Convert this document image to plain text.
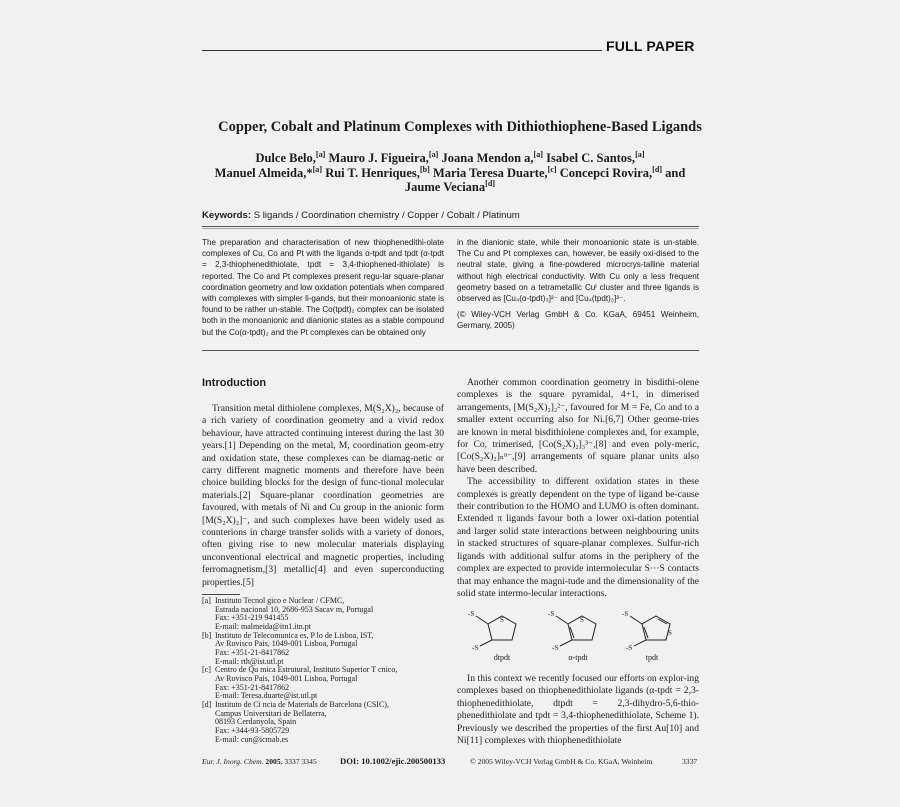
FULL PAPER
Copper, Cobalt and Platinum Complexes with Dithiothiophene-Based Ligands
Dulce Belo,[a] Mauro J. Figueira,[a] Joana Mendon a,[a] Isabel C. Santos,[a]
Manuel Almeida,*[a] Rui T. Henriques,[b] Maria Teresa Duarte,[c] Concepci Rovira,[d] and
Jaume Veciana[d]
Keywords: S ligands / Coordination chemistry / Copper / Cobalt / Platinum
The preparation and characterisation of new thiophenedithi-olate complexes of Cu, Co and Pt with the ligands α-tpdt and tpdt (α-tpdt = 2,3-thiophenedithiolate, tpdt = 3,4-thiophened-ithiolate) is reported. The Co and Pt complexes present regu-lar square-planar coordination geometry and low oxidation potentials when compared with complexes with simpler li-gands, but their monoanionic state is found to be rather un-stable. The Co(tpdt)₂ complex can be isolated both in the monoanionic and dianionic states as a stable compound but the Co(α-tpdt)₂ and the Pt complexes can be obtained only
in the dianionic state, while their monoanionic state is un-stable. The Cu and Pt complexes can, however, be easily oxi-dised to the neutral state, giving a fine-powdered microcrys-talline material without high electrical conductivity. With Cu only a less frequent geometry based on a tetrametallic Cuᴵ cluster and three ligands is observed as [Cu₄(α-tpdt)₃]²⁻ and [Cu₄(tpdt)₃]²⁻.
(© Wiley-VCH Verlag GmbH & Co. KGaA, 69451 Weinheim, Germany, 2005)
Introduction

Transition metal dithiolene complexes, M(S₂X)₂, because of a rich variety of coordination geometry and a vivid redox behaviour, have attracted continuing interest during the last 30 years.[1] Depending on the metal, M, coordination geom-etry and oxidation state, these complexes can be diamag-netic or carry different magnetic moments and therefore have been choice building blocks for the design of func-tional molecular materials.[2] Square-planar coordination geometries are favoured, with metals of Ni and Cu group in the anionic form [M(S₂X)₂]⁻, and such complexes have been widely used as counterions in charge transfer solids with a variety of donors, often giving rise to new molecular materials displaying unconventional electrical and magnetic properties, including ferromagnetism,[3] metallic[4] and even superconducting properties.[5]

Another common coordination geometry in bisdithi-olene complexes is the square pyramidal, 4+1, in dimerised arrangements, [M(S₂X)₂]₂²⁻, favoured for M = Fe, Co and to a smaller extent occurring also for Ni.[6,7] Other geome-tries are known in metal bisdithiolene complexes and, for example, for Co, trimerised, [Co(S₂X)₂]₃³⁻,[8] and even poly-meric, [Co(S₂X)₂]ₙⁿ⁻,[9] arrangements of square planar units also have been described.

The accessibility to different oxidation states in these complexes is greatly dependent on the type of ligand be-cause their contribution to the HOMO and LUMO is often dominant. Extended π ligands favour both a lower oxi-dation potential and larger solid state interactions between neighbouring units in stacked structures of square-planar complexes. Sulfur-rich ligands with additional sulfur atoms in the periphery of the complex are expected to provide intermolecular S···S contacts that may enhance the magni-tude and the dimensionality of the solid state intermo-lecular interactions.

S
-S
-S
S
-S
-S
S
-S
-S
dtpdt	α-tpdt	tpdt

In this context we recently focused our efforts on explor-ing complexes based on thiophenedithiolate ligands (α-tpdt = 2,3-thiophenedithiolate, dtpdt = 2,3-dihydro-5,6-thio-phenedithiolate and tpdt = 3,4-thiophenedithiolate, Scheme 1). Previously we described the properties of the first Au[10] and Ni[11] complexes with thiophenedithiolate

[a] Instituto Tecnol gico e Nuclear / CFMC,
Estrada nacional 10, 2686-953 Sacav m, Portugal
Fax: +351-219 941455
E-mail: malmeida@itn1.itn.pt
[b] Instituto de Telecomunica es, P lo de Lisboa, IST,
Av Rovisco Pais, 1049-001 Lisboa, Portugal
Fax: +351-21-8417862
E-mail: rth@ist.utl.pt
[c] Centro de Qu mica Estrutural, Instituto Superior T cnico,
Av Rovisco Pais, 1049-001 Lisboa, Portugal
Fax: +351-21-8417862
E-mail: Teresa.duarte@ist.utl.pt
[d] Instituto de Ci ncia de Materials de Barcelona (CSIC),
Campus Universitari de Bellaterra,
08193 Cerdanyola, Spain
Fax: +344-93-5805729
E-mail: cun@icmab.es
Eur. J. Inorg. Chem. 2005, 3337 3345	DOI: 10.1002/ejic.200500133	© 2005 Wiley-VCH Verlag GmbH & Co. KGaA, Weinheim	3337
